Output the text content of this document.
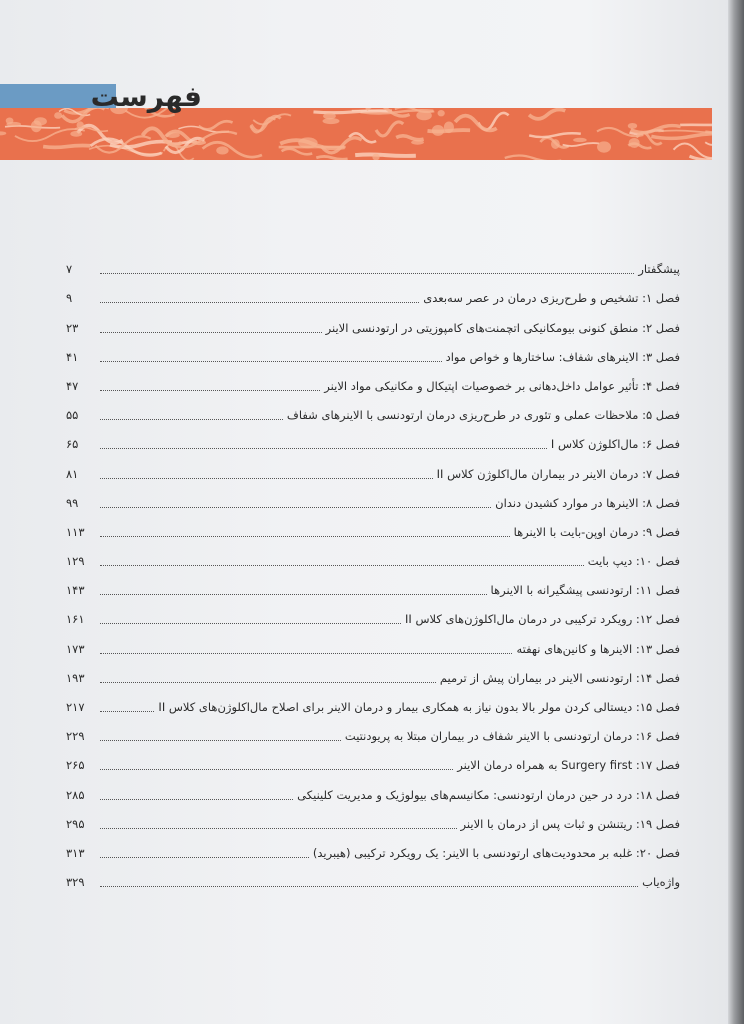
فهرست
پیشگفتار
۷
فصل ۱: تشخیص و طرح‌ریزی درمان در عصر سه‌بعدی
۹
فصل ۲: منطق کنونی بیومکانیکی اتچمنت‌های کامپوزیتی در ارتودنسی الاینر
۲۳
فصل ۳: الاینرهای شفاف: ساختارها و خواص مواد
۴۱
فصل ۴: تأثیر عوامل داخل‌دهانی بر خصوصیات اپتیکال و مکانیکی مواد الاینر
۴۷
فصل ۵: ملاحظات عملی و تئوری در طرح‌ریزی درمان ارتودنسی با الاینرهای شفاف
۵۵
فصل ۶: مال‌اکلوژن کلاس I
۶۵
فصل ۷: درمان الاینر در بیماران مال‌اکلوژن کلاس II
۸۱
فصل ۸: الاینرها در موارد کشیدن دندان
۹۹
فصل ۹: درمان اوپن-بایت با الاینرها
۱۱۳
فصل ۱۰: دیپ بایت
۱۲۹
فصل ۱۱: ارتودنسی پیشگیرانه با الاینرها
۱۴۳
فصل ۱۲: رویکرد ترکیبی در درمان مال‌اکلوژن‌های کلاس II
۱۶۱
فصل ۱۳: الاینرها و کانین‌های نهفته
۱۷۳
فصل ۱۴: ارتودنسی الاینر در بیماران پیش از ترمیم
۱۹۳
فصل ۱۵: دیستالی کردن مولر بالا بدون نیاز به همکاری بیمار و درمان الاینر برای اصلاح مال‌اکلوژن‌های کلاس II
۲۱۷
فصل ۱۶: درمان ارتودنسی با الاینر شفاف در بیماران مبتلا به پریودنتیت
۲۲۹
فصل ۱۷: Surgery first به همراه درمان الاینر
۲۶۵
فصل ۱۸: درد در حین درمان ارتودنسی: مکانیسم‌های بیولوژیک و مدیریت کلینیکی
۲۸۵
فصل ۱۹: ریتنشن و ثبات پس از درمان با الاینر
۲۹۵
فصل ۲۰: غلبه بر محدودیت‌های ارتودنسی با الاینر: یک رویکرد ترکیبی (هیبرید)
۳۱۳
واژه‌یاب
۳۲۹
